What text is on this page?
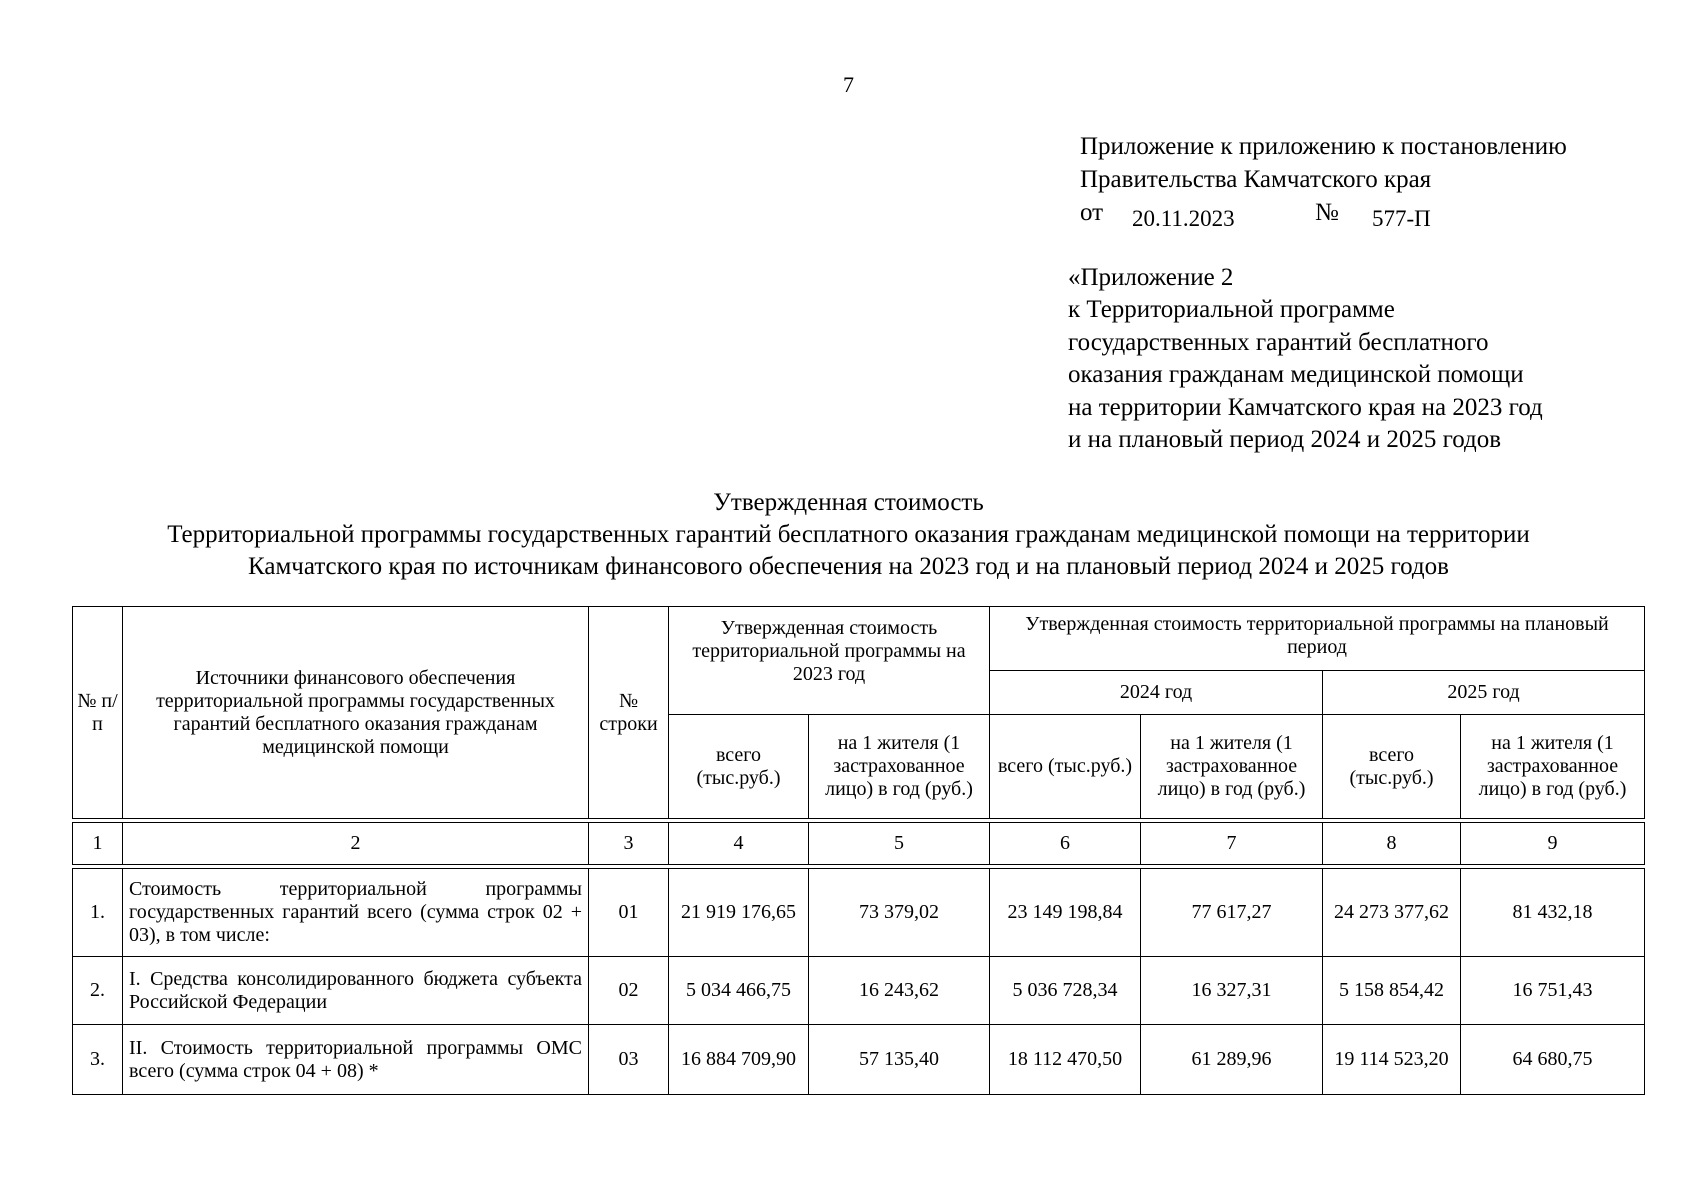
7
Приложение к приложению к постановлению
Правительства Камчатского края
от 20.11.2023	№ 577-П
«Приложение 2
к Территориальной программе
государственных гарантий бесплатного
оказания гражданам медицинской помощи
на территории Камчатского края на 2023 год
и на плановый период 2024 и 2025 годов
Утвержденная стоимость
Территориальной программы государственных гарантий бесплатного оказания гражданам медицинской помощи на территории
Камчатского края по источникам финансового обеспечения на 2023 год и на плановый период 2024 и 2025 годов
№ п/п	Источники финансового обеспечения территориальной программы государственных гарантий бесплатного оказания гражданам медицинской помощи	№ строки	Утвержденная стоимость территориальной программы на 2023 год		Утвержденная стоимость территориальной программы на плановый период			
					2024 год		2025 год	
			всего (тыс.руб.)	на 1 жителя (1 застрахованное лицо) в год (руб.)	всего (тыс.руб.)	на 1 жителя (1 застрахованное лицо) в год (руб.)	всего (тыс.руб.)	на 1 жителя (1 застрахованное лицо) в год (руб.)

1	2	3	4	5	6	7	8	9

1.	Стоимость территориальной программы государственных гарантий всего (сумма строк 02 + 03), в том числе:	01	21 919 176,65	73 379,02	23 149 198,84	77 617,27	24 273 377,62	81 432,18
2.	I. Средства консолидированного бюджета субъекта Российской Федерации	02	5 034 466,75	16 243,62	5 036 728,34	16 327,31	5 158 854,42	16 751,43
3.	II. Стоимость территориальной программы ОМС всего (сумма строк 04 + 08) *	03	16 884 709,90	57 135,40	18 112 470,50	61 289,96	19 114 523,20	64 680,75
